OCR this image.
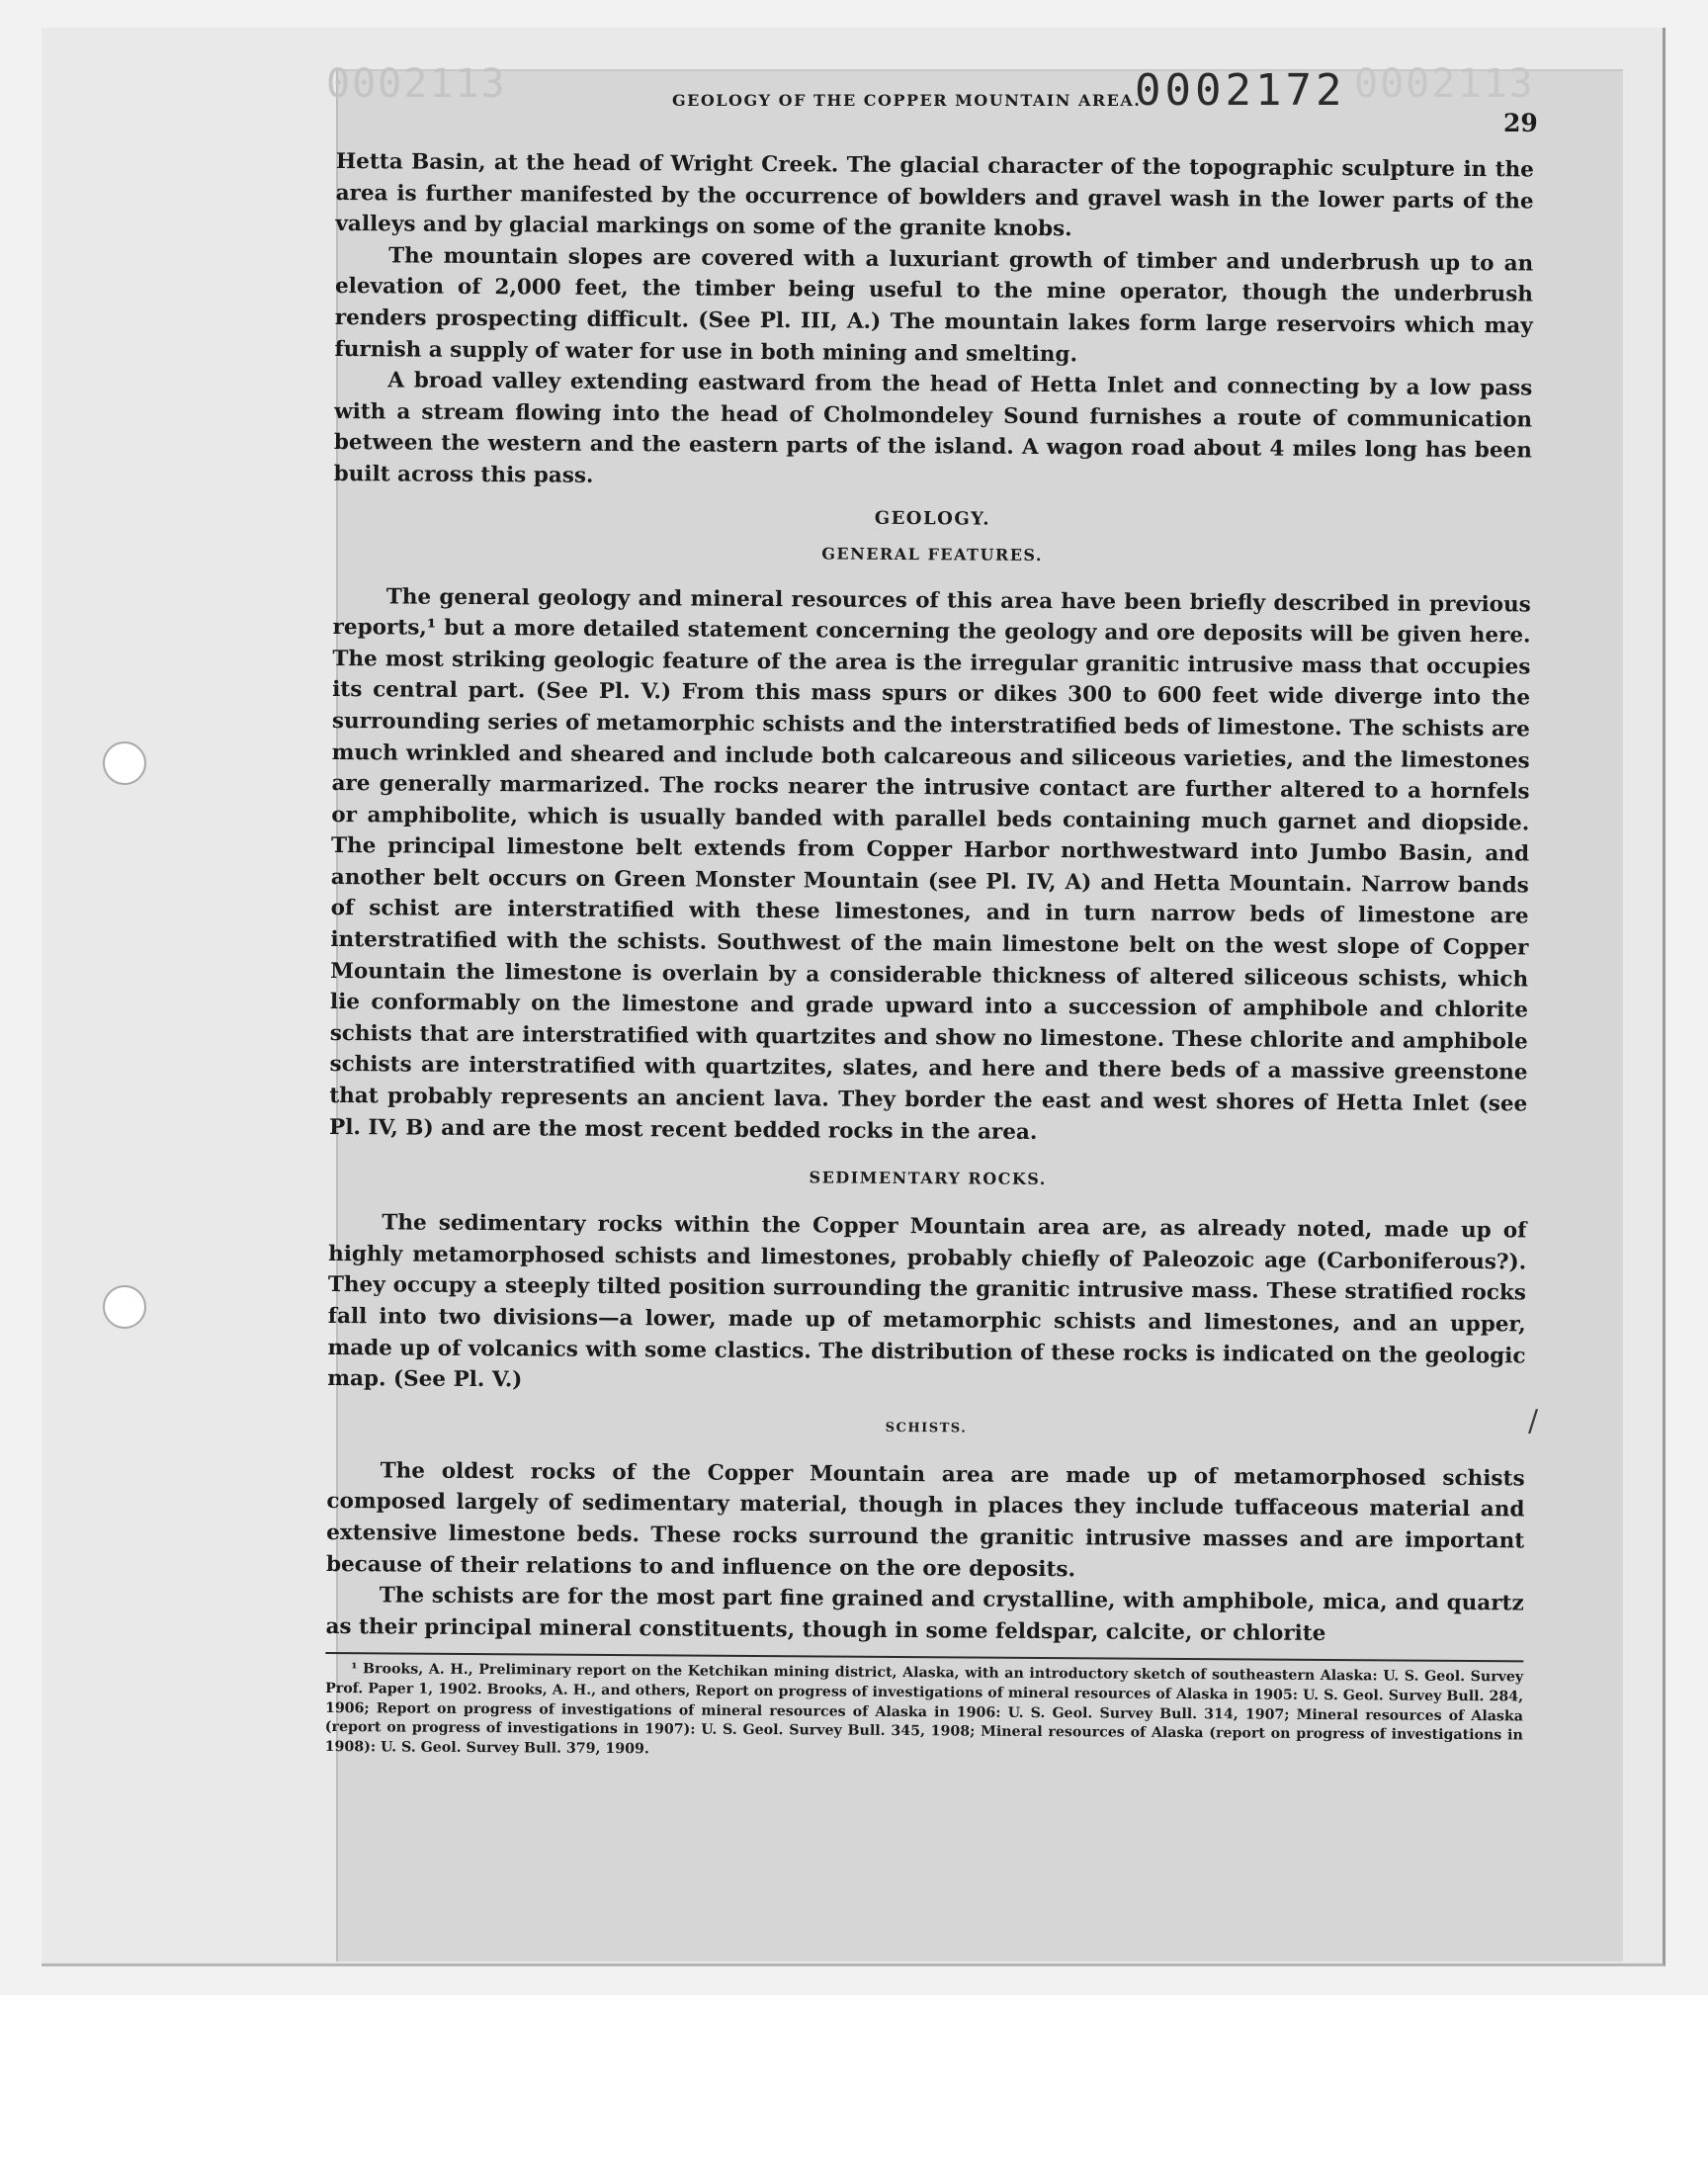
0002113	0002113
0002172
GEOLOGY OF THE COPPER MOUNTAIN AREA.
29
/

Hetta Basin, at the head of Wright Creek. The glacial character of the topographic sculpture in the area is further manifested by the occurrence of bowlders and gravel wash in the lower parts of the valleys and by glacial markings on some of the granite knobs.

The mountain slopes are covered with a luxuriant growth of timber and underbrush up to an elevation of 2,000 feet, the timber being useful to the mine operator, though the underbrush renders prospecting difficult. (See Pl. III, A.) The mountain lakes form large reservoirs which may furnish a supply of water for use in both mining and smelting.

A broad valley extending eastward from the head of Hetta Inlet and connecting by a low pass with a stream flowing into the head of Cholmondeley Sound furnishes a route of communication between the western and the eastern parts of the island. A wagon road about 4 miles long has been built across this pass.

GEOLOGY.
GENERAL FEATURES.

The general geology and mineral resources of this area have been briefly described in previous reports,¹ but a more detailed statement concerning the geology and ore deposits will be given here. The most striking geologic feature of the area is the irregular granitic intrusive mass that occupies its central part. (See Pl. V.) From this mass spurs or dikes 300 to 600 feet wide diverge into the surrounding series of metamorphic schists and the interstratified beds of limestone. The schists are much wrinkled and sheared and include both calcareous and siliceous varieties, and the limestones are generally marmarized. The rocks nearer the intrusive contact are further altered to a hornfels or amphibolite, which is usually banded with parallel beds containing much garnet and diopside. The principal limestone belt extends from Copper Harbor northwestward into Jumbo Basin, and another belt occurs on Green Monster Mountain (see Pl. IV, A) and Hetta Mountain. Narrow bands of schist are interstratified with these limestones, and in turn narrow beds of limestone are interstratified with the schists. Southwest of the main limestone belt on the west slope of Copper Mountain the limestone is overlain by a considerable thickness of altered siliceous schists, which lie conformably on the limestone and grade upward into a succession of amphibole and chlorite schists that are interstratified with quartzites and show no limestone. These chlorite and amphibole schists are interstratified with quartzites, slates, and here and there beds of a massive greenstone that probably represents an ancient lava. They border the east and west shores of Hetta Inlet (see Pl. IV, B) and are the most recent bedded rocks in the area.

SEDIMENTARY ROCKS.

The sedimentary rocks within the Copper Mountain area are, as already noted, made up of highly metamorphosed schists and limestones, probably chiefly of Paleozoic age (Carboniferous?). They occupy a steeply tilted position surrounding the granitic intrusive mass. These stratified rocks fall into two divisions—a lower, made up of metamorphic schists and limestones, and an upper, made up of volcanics with some clastics. The distribution of these rocks is indicated on the geologic map. (See Pl. V.)

SCHISTS.

The oldest rocks of the Copper Mountain area are made up of metamorphosed schists composed largely of sedimentary material, though in places they include tuffaceous material and extensive limestone beds. These rocks surround the granitic intrusive masses and are important because of their relations to and influence on the ore deposits.

The schists are for the most part fine grained and crystalline, with amphibole, mica, and quartz as their principal mineral constituents, though in some feldspar, calcite, or chlorite

¹ Brooks, A. H., Preliminary report on the Ketchikan mining district, Alaska, with an introductory sketch of southeastern Alaska: U. S. Geol. Survey Prof. Paper 1, 1902. Brooks, A. H., and others, Report on progress of investigations of mineral resources of Alaska in 1905: U. S. Geol. Survey Bull. 284, 1906; Report on progress of investigations of mineral resources of Alaska in 1906: U. S. Geol. Survey Bull. 314, 1907; Mineral resources of Alaska (report on progress of investigations in 1907): U. S. Geol. Survey Bull. 345, 1908; Mineral resources of Alaska (report on progress of investigations in 1908): U. S. Geol. Survey Bull. 379, 1909.
